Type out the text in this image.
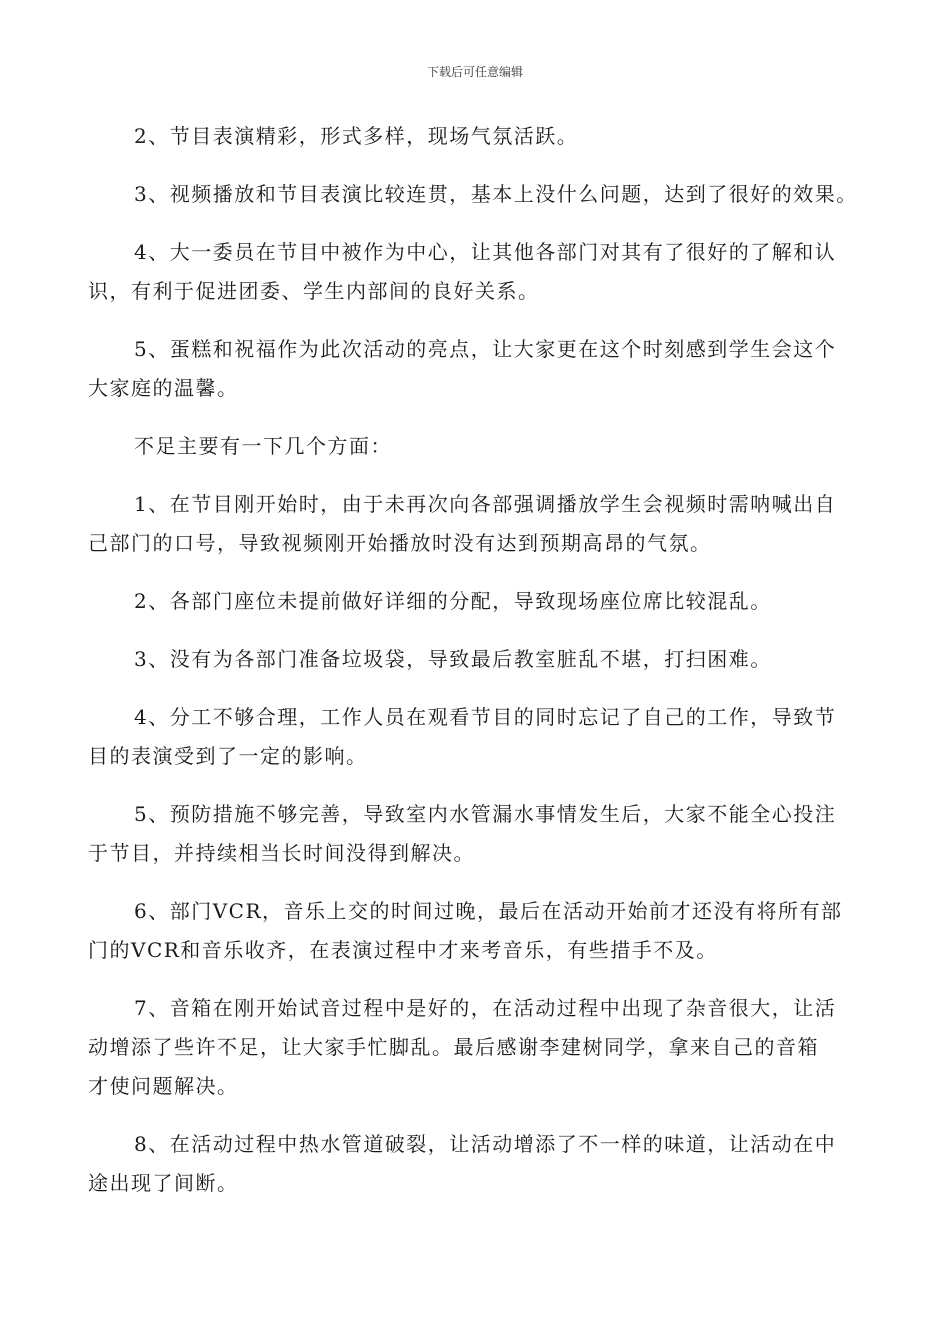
下载后可任意编辑

2、节目表演精彩，形式多样，现场气氛活跃。

3、视频播放和节目表演比较连贯，基本上没什么问题，达到了很好的效果。

4、大一委员在节目中被作为中心，让其他各部门对其有了很好的了解和认
识，有利于促进团委、学生内部间的良好关系。

5、蛋糕和祝福作为此次活动的亮点，让大家更在这个时刻感到学生会这个
大家庭的温馨。

不足主要有一下几个方面：

1、在节目刚开始时，由于未再次向各部强调播放学生会视频时需呐喊出自
己部门的口号，导致视频刚开始播放时没有达到预期高昂的气氛。

2、各部门座位未提前做好详细的分配，导致现场座位席比较混乱。

3、没有为各部门准备垃圾袋，导致最后教室脏乱不堪，打扫困难。

4、分工不够合理，工作人员在观看节目的同时忘记了自己的工作，导致节
目的表演受到了一定的影响。

5、预防措施不够完善，导致室内水管漏水事情发生后，大家不能全心投注
于节目，并持续相当长时间没得到解决。

6、部门VCR，音乐上交的时间过晚，最后在活动开始前才还没有将所有部
门的VCR和音乐收齐，在表演过程中才来考音乐，有些措手不及。

7、音箱在刚开始试音过程中是好的，在活动过程中出现了杂音很大，让活
动增添了些许不足，让大家手忙脚乱。最后感谢李建树同学，拿来自己的音箱
才使问题解决。

8、在活动过程中热水管道破裂，让活动增添了不一样的味道，让活动在中
途出现了间断。
